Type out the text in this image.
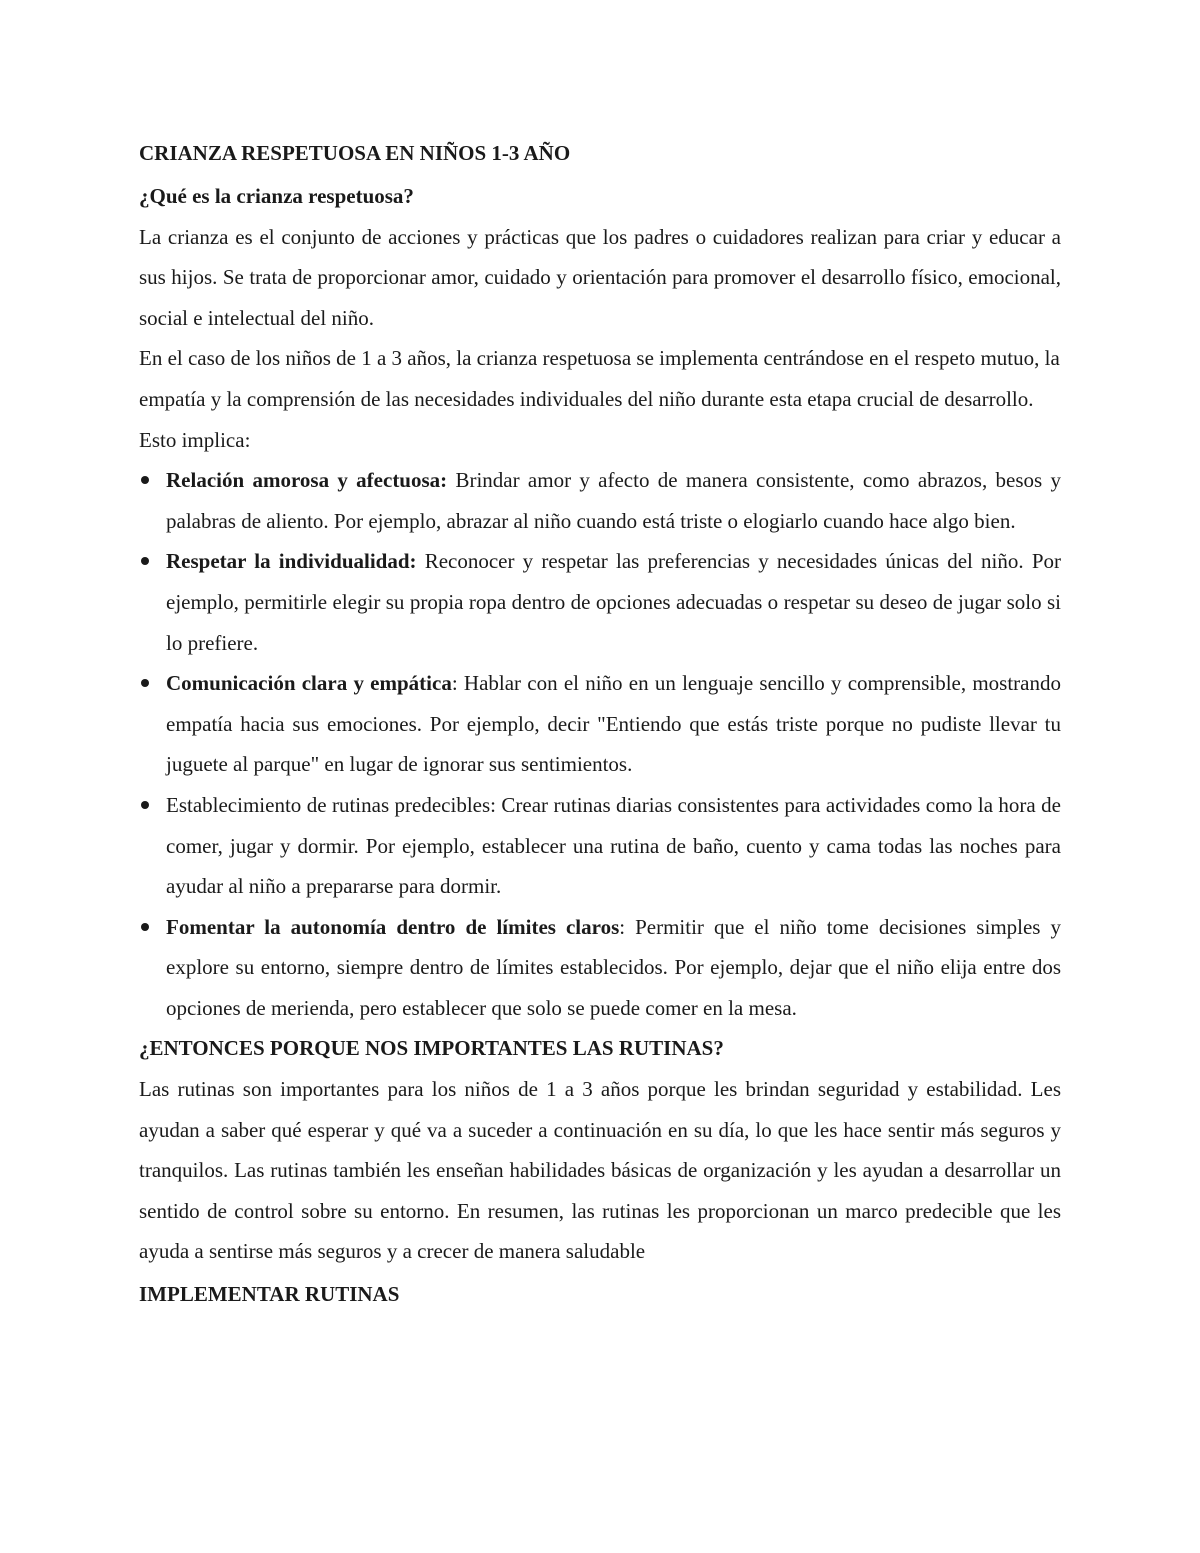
CRIANZA RESPETUOSA EN NIÑOS 1-3 AÑO

¿Qué es la crianza respetuosa?

La crianza es el conjunto de acciones y prácticas que los padres o cuidadores realizan para criar y educar a sus hijos. Se trata de proporcionar amor, cuidado y orientación para promover el desarrollo físico, emocional, social e intelectual del niño.

En el caso de los niños de 1 a 3 años, la crianza respetuosa se implementa centrándose en el respeto mutuo, la empatía y la comprensión de las necesidades individuales del niño durante esta etapa crucial de desarrollo. Esto implica:

Relación amorosa y afectuosa: Brindar amor y afecto de manera consistente, como abrazos, besos y palabras de aliento. Por ejemplo, abrazar al niño cuando está triste o elogiarlo cuando hace algo bien.
Respetar la individualidad: Reconocer y respetar las preferencias y necesidades únicas del niño. Por ejemplo, permitirle elegir su propia ropa dentro de opciones adecuadas o respetar su deseo de jugar solo si lo prefiere.
Comunicación clara y empática: Hablar con el niño en un lenguaje sencillo y comprensible, mostrando empatía hacia sus emociones. Por ejemplo, decir "Entiendo que estás triste porque no pudiste llevar tu juguete al parque" en lugar de ignorar sus sentimientos.
Establecimiento de rutinas predecibles: Crear rutinas diarias consistentes para actividades como la hora de comer, jugar y dormir. Por ejemplo, establecer una rutina de baño, cuento y cama todas las noches para ayudar al niño a prepararse para dormir.
Fomentar la autonomía dentro de límites claros: Permitir que el niño tome decisiones simples y explore su entorno, siempre dentro de límites establecidos. Por ejemplo, dejar que el niño elija entre dos opciones de merienda, pero establecer que solo se puede comer en la mesa.

¿ENTONCES PORQUE NOS IMPORTANTES LAS RUTINAS?

Las rutinas son importantes para los niños de 1 a 3 años porque les brindan seguridad y estabilidad. Les ayudan a saber qué esperar y qué va a suceder a continuación en su día, lo que les hace sentir más seguros y tranquilos. Las rutinas también les enseñan habilidades básicas de organización y les ayudan a desarrollar un sentido de control sobre su entorno. En resumen, las rutinas les proporcionan un marco predecible que les ayuda a sentirse más seguros y a crecer de manera saludable

IMPLEMENTAR RUTINAS
